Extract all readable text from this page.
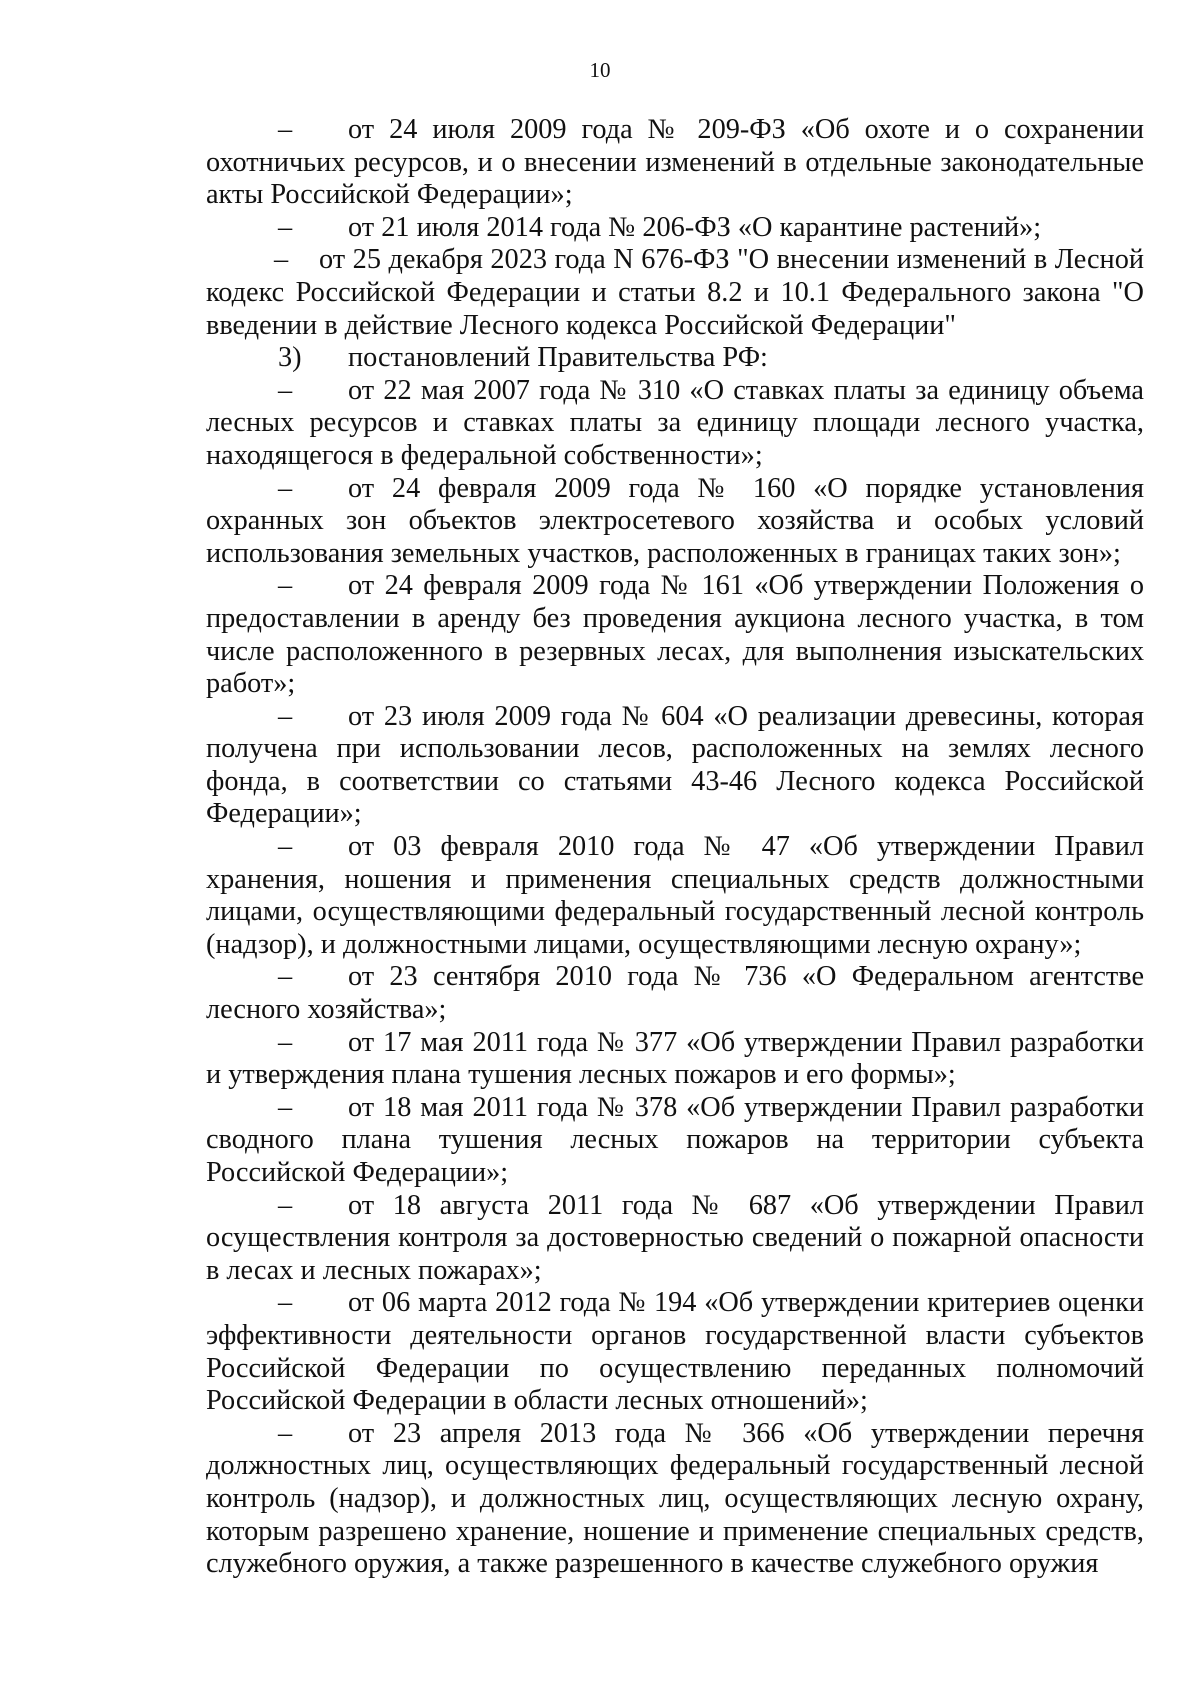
10

– от 24 июля 2009 года № 209-ФЗ «Об охоте и о сохранении охотничьих ресурсов, и о внесении изменений в отдельные законодательные акты Российской Федерации»;

– от 21 июля 2014 года № 206-ФЗ «О карантине растений»;

– от 25 декабря 2023 года N 676-ФЗ "О внесении изменений в Лесной кодекс Российской Федерации и статьи 8.2 и 10.1 Федерального закона "О введении в действие Лесного кодекса Российской Федерации"

3) постановлений Правительства РФ:

– от 22 мая 2007 года № 310 «О ставках платы за единицу объема лесных ресурсов и ставках платы за единицу площади лесного участка, находящегося в федеральной собственности»;

– от 24 февраля 2009 года № 160 «О порядке установления охранных зон объектов электросетевого хозяйства и особых условий использования земельных участков, расположенных в границах таких зон»;

– от 24 февраля 2009 года № 161 «Об утверждении Положения о предоставлении в аренду без проведения аукциона лесного участка, в том числе расположенного в резервных лесах, для выполнения изыскательских работ»;

– от 23 июля 2009 года № 604 «О реализации древесины, которая получена при использовании лесов, расположенных на землях лесного фонда, в соответствии со статьями 43-46 Лесного кодекса Российской Федерации»;

– от 03 февраля 2010 года № 47 «Об утверждении Правил хранения, ношения и применения специальных средств должностными лицами, осуществляющими федеральный государственный лесной контроль (надзор), и должностными лицами, осуществляющими лесную охрану»;

– от 23 сентября 2010 года № 736 «О Федеральном агентстве лесного хозяйства»;

– от 17 мая 2011 года № 377 «Об утверждении Правил разработки и утверждения плана тушения лесных пожаров и его формы»;

– от 18 мая 2011 года № 378 «Об утверждении Правил разработки сводного плана тушения лесных пожаров на территории субъекта Российской Федерации»;

– от 18 августа 2011 года № 687 «Об утверждении Правил осуществления контроля за достоверностью сведений о пожарной опасности в лесах и лесных пожарах»;

– от 06 марта 2012 года № 194 «Об утверждении критериев оценки эффективности деятельности органов государственной власти субъектов Российской Федерации по осуществлению переданных полномочий Российской Федерации в области лесных отношений»;

– от 23 апреля 2013 года № 366 «Об утверждении перечня должностных лиц, осуществляющих федеральный государственный лесной контроль (надзор), и должностных лиц, осуществляющих лесную охрану, которым разрешено хранение, ношение и применение специальных средств, служебного оружия, а также разрешенного в качестве служебного оружия
